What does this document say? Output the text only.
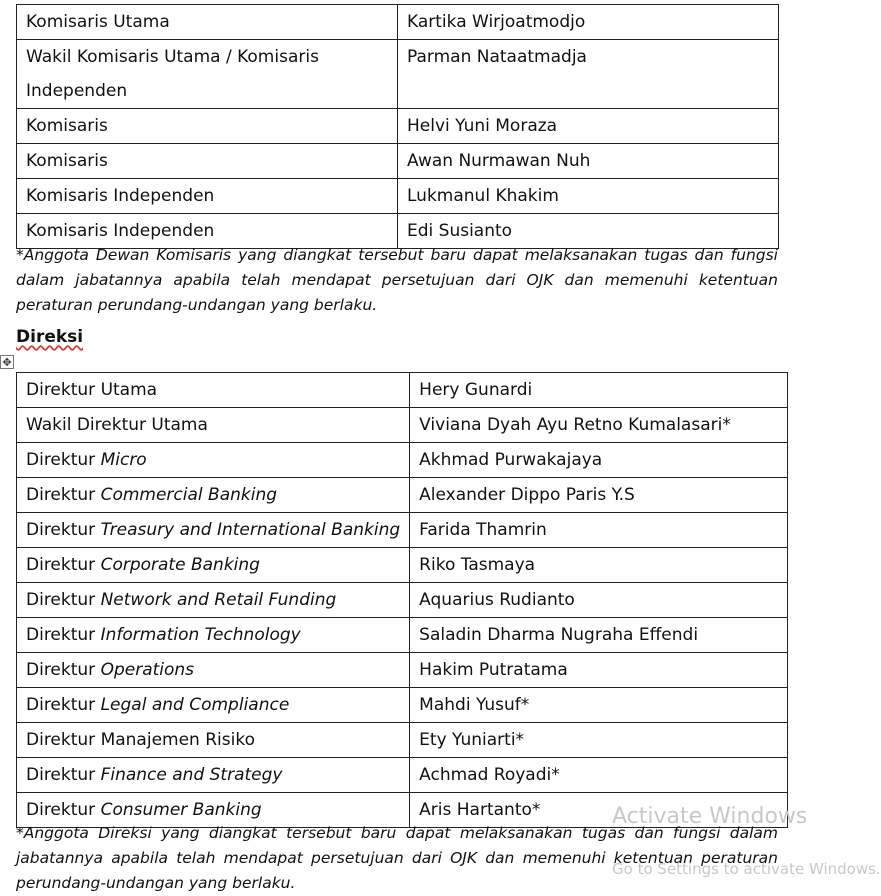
Komisaris Utama	Kartika Wirjoatmodjo
Wakil Komisaris Utama / Komisaris Independen	Parman Nataatmadja
Komisaris	Helvi Yuni Moraza
Komisaris	Awan Nurmawan Nuh
Komisaris Independen	Lukmanul Khakim
Komisaris Independen	Edi Susianto
*Anggota Dewan Komisaris yang diangkat tersebut baru dapat melaksanakan tugas dan fungsi dalam jabatannya apabila telah mendapat persetujuan dari OJK dan memenuhi ketentuan peraturan perundang-undangan yang berlaku.
Direksi
✥
Direktur Utama	Hery Gunardi
Wakil Direktur Utama	Viviana Dyah Ayu Retno Kumalasari*
Direktur Micro	Akhmad Purwakajaya
Direktur Commercial Banking	Alexander Dippo Paris Y.S
Direktur Treasury and International Banking	Farida Thamrin
Direktur Corporate Banking	Riko Tasmaya
Direktur Network and Retail Funding	Aquarius Rudianto
Direktur Information Technology	Saladin Dharma Nugraha Effendi
Direktur Operations	Hakim Putratama
Direktur Legal and Compliance	Mahdi Yusuf*
Direktur Manajemen Risiko	Ety Yuniarti*
Direktur Finance and Strategy	Achmad Royadi*
Direktur Consumer Banking	Aris Hartanto*
*Anggota Direksi yang diangkat tersebut baru dapat melaksanakan tugas dan fungsi dalam jabatannya apabila telah mendapat persetujuan dari OJK dan memenuhi ketentuan peraturan perundang-undangan yang berlaku.
Activate Windows
Go to Settings to activate Windows.
